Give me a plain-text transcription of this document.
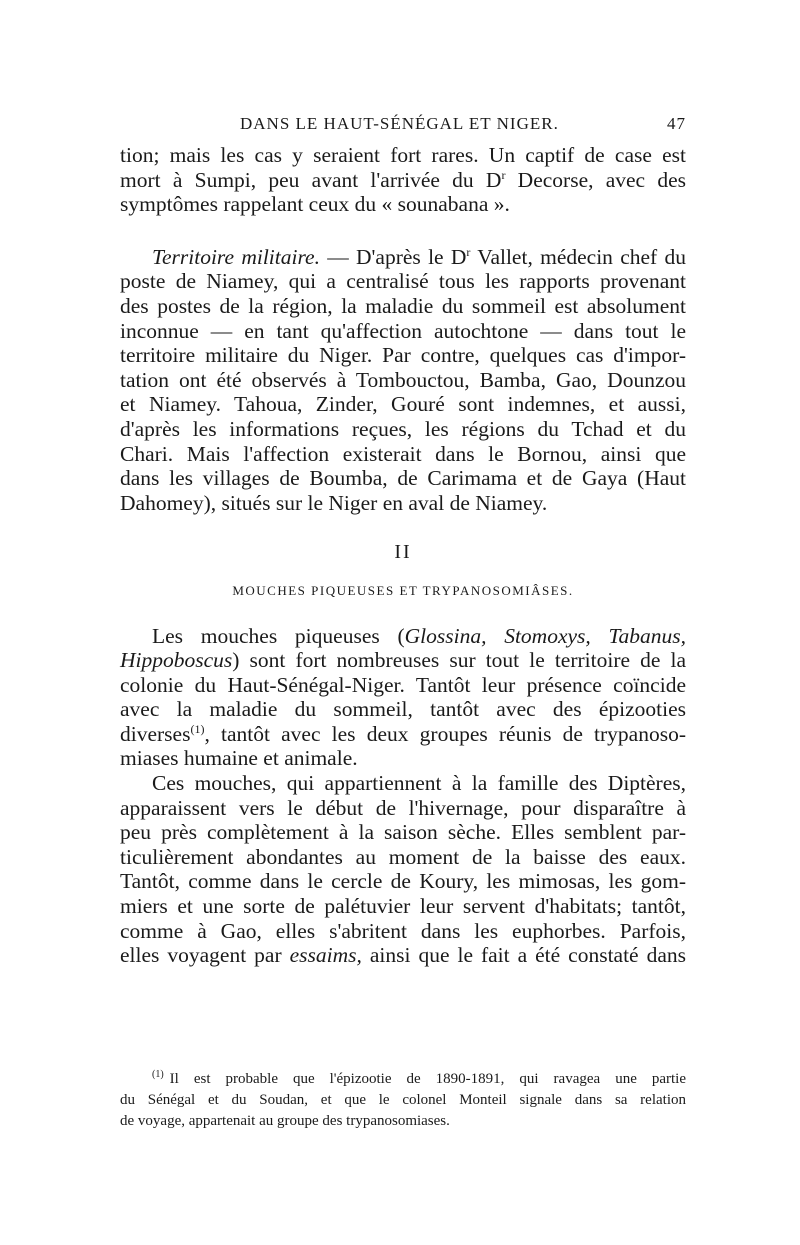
DANS LE HAUT-SÉNÉGAL ET NIGER.	47

tion; mais les cas y seraient fort rares. Un captif de case est

mort à Sumpi, peu avant l'arrivée du $D^r$ Decorse, avec des

symptômes rappelant ceux du « sounabana ».

Territoire militaire. — D'après le $D^r$ Vallet, médecin chef du

poste de Niamey, qui a centralisé tous les rapports provenant

des postes de la région, la maladie du sommeil est absolument

inconnue — en tant qu'affection autochtone — dans tout le

territoire militaire du Niger. Par contre, quelques cas d'impor-

tation ont été observés à Tombouctou, Bamba, Gao, Dounzou

et Niamey. Tahoua, Zinder, Gouré sont indemnes, et aussi,

d'après les informations reçues, les régions du Tchad et du

Chari. Mais l'affection existerait dans le Bornou, ainsi que

dans les villages de Boumba, de Carimama et de Gaya (Haut

Dahomey), situés sur le Niger en aval de Niamey.

II
MOUCHES PIQUEUSES ET TRYPANOSOMIÂSES.

Les mouches piqueuses (Glossina, Stomoxys, Tabanus,

Hippoboscus) sont fort nombreuses sur tout le territoire de la

colonie du Haut-Sénégal-Niger. Tantôt leur présence coïncide

avec la maladie du sommeil, tantôt avec des épizooties

diverses$^{(1)}$, tantôt avec les deux groupes réunis de trypanoso-

miases humaine et animale.

Ces mouches, qui appartiennent à la famille des Diptères,

apparaissent vers le début de l'hivernage, pour disparaître à

peu près complètement à la saison sèche. Elles semblent par-

ticulièrement abondantes au moment de la baisse des eaux.

Tantôt, comme dans le cercle de Koury, les mimosas, les gom-

miers et une sorte de palétuvier leur servent d'habitats; tantôt,

comme à Gao, elles s'abritent dans les euphorbes. Parfois,

elles voyagent par essaims, ainsi que le fait a été constaté dans

$^{(1)}$ Il est probable que l'épizootie de 1890-1891, qui ravagea une partie

du Sénégal et du Soudan, et que le colonel Monteil signale dans sa relation

de voyage, appartenait au groupe des trypanosomiases.
